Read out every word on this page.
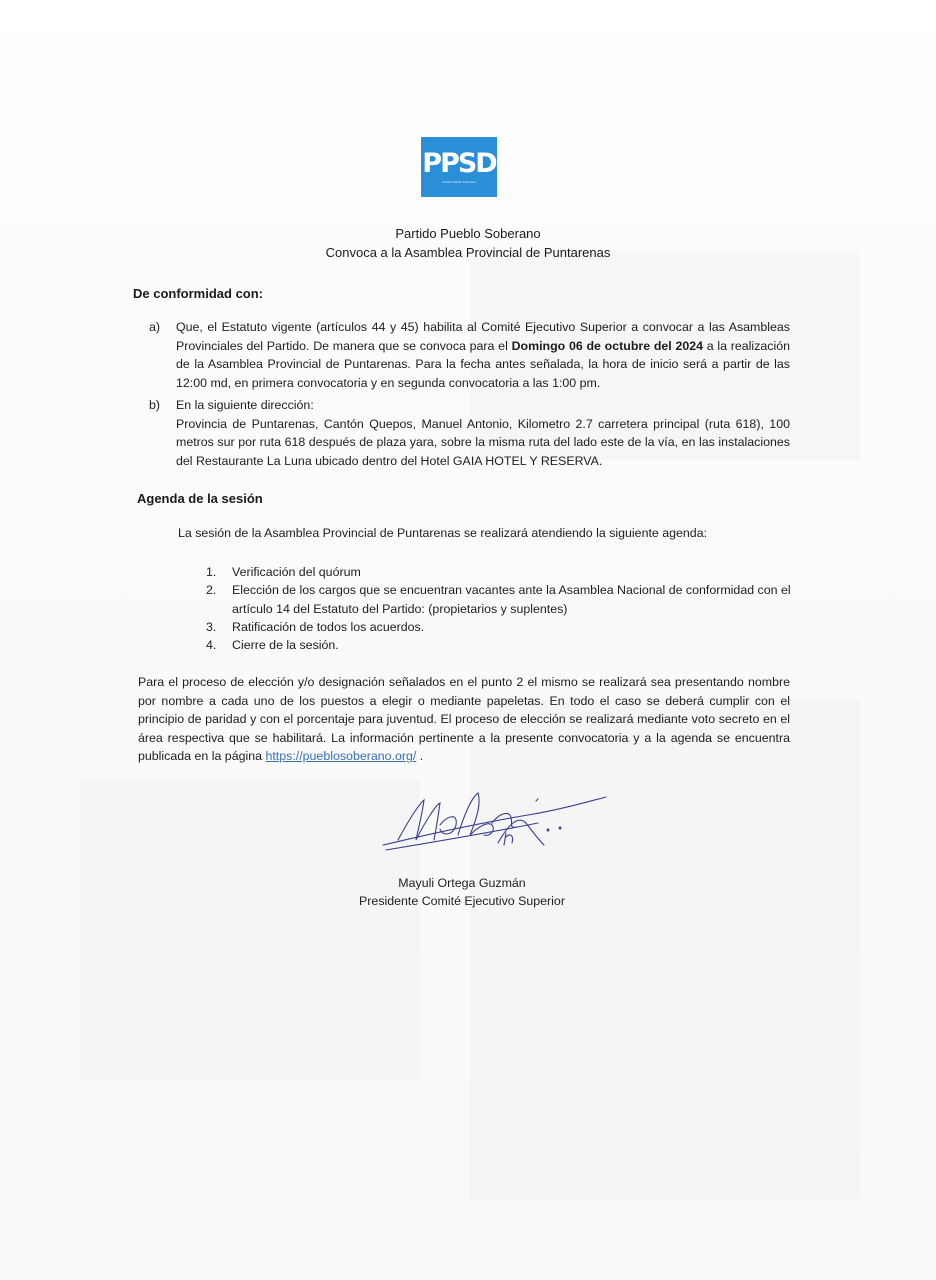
PPSD
Partido Pueblo Soberano
Partido Pueblo Soberano
Convoca a la Asamblea Provincial de Puntarenas
De conformidad con:
a) Que, el Estatuto vigente (artículos 44 y 45) habilita al Comité Ejecutivo Superior a convocar a las Asambleas Provinciales del Partido. De manera que se convoca para el Domingo 06 de octubre del 2024 a la realización de la Asamblea Provincial de Puntarenas. Para la fecha antes señalada, la hora de inicio será a partir de las 12:00 md, en primera convocatoria y en segunda convocatoria a las 1:00 pm.
b) En la siguiente dirección:
Provincia de Puntarenas, Cantón Quepos, Manuel Antonio, Kilometro 2.7 carretera principal (ruta 618), 100 metros sur por ruta 618 después de plaza yara, sobre la misma ruta del lado este de la vía, en las instalaciones del Restaurante La Luna ubicado dentro del Hotel GAIA HOTEL Y RESERVA.
Agenda de la sesión
La sesión de la Asamblea Provincial de Puntarenas se realizará atendiendo la siguiente agenda:
1. Verificación del quórum
2. Elección de los cargos que se encuentran vacantes ante la Asamblea Nacional de conformidad con el artículo 14 del Estatuto del Partido: (propietarios y suplentes)
3. Ratificación de todos los acuerdos.
4. Cierre de la sesión.
Para el proceso de elección y/o designación señalados en el punto 2 el mismo se realizará sea presentando nombre por nombre a cada uno de los puestos a elegir o mediante papeletas. En todo el caso se deberá cumplir con el principio de paridad y con el porcentaje para juventud. El proceso de elección se realizará mediante voto secreto en el área respectiva que se habilitará. La información pertinente a la presente convocatoria y a la agenda se encuentra publicada en la página https://pueblosoberano.org/ .
Mayuli Ortega Guzmán
Presidente Comité Ejecutivo Superior
